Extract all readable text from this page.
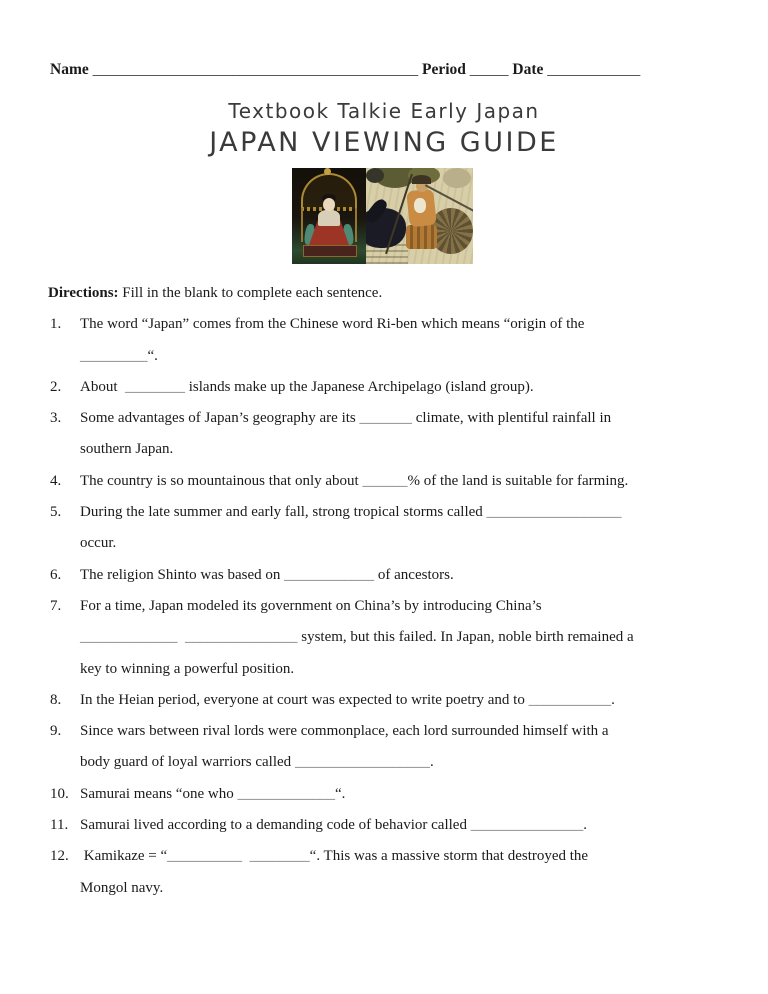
Name __________________________________________ Period _____ Date ____________
Textbook Talkie Early Japan
JAPAN VIEWING GUIDE
Directions: Fill in the blank to complete each sentence.
1. The word “Japan” comes from the Chinese word Ri-ben which means “origin of the
_________“.
2. About  ________ islands make up the Japanese Archipelago (island group).
3. Some advantages of Japan’s geography are its _______ climate, with plentiful rainfall in
southern Japan.
4. The country is so mountainous that only about ______% of the land is suitable for farming.
5. During the late summer and early fall, strong tropical storms called __________________
occur.
6. The religion Shinto was based on ____________ of ancestors.
7. For a time, Japan modeled its government on China’s by introducing China’s
_____________ _______________ system, but this failed. In Japan, noble birth remained a
key to winning a powerful position.
8. In the Heian period, everyone at court was expected to write poetry and to ___________.
9. Since wars between rival lords were commonplace, each lord surrounded himself with a
body guard of loyal warriors called __________________.
10. Samurai means “one who _____________“.
11. Samurai lived according to a demanding code of behavior called _______________.
12. Kamikaze = “__________ ________“. This was a massive storm that destroyed the
Mongol navy.
